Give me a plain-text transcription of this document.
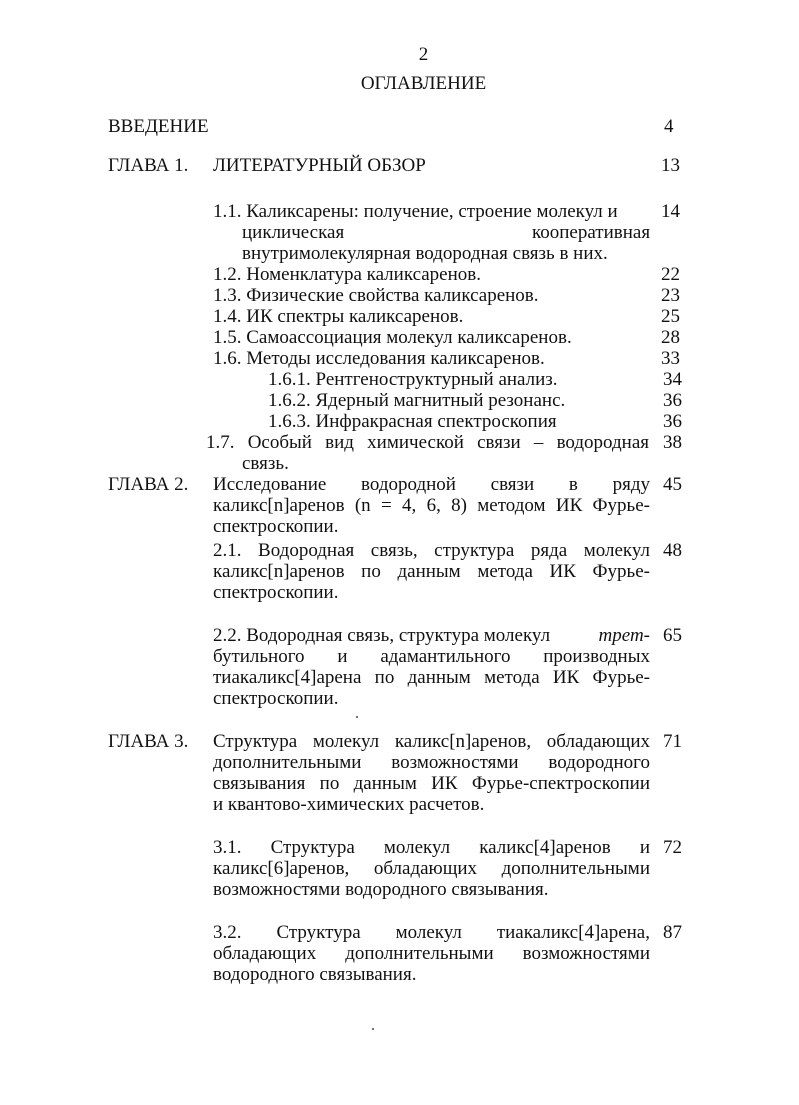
2
ОГЛАВЛЕНИЕ
ВВЕДЕНИЕ	4
ГЛАВА 1. ЛИТЕРАТУРНЫЙ ОБЗОР	13
1.1. Каликсарены: получение, строение молекул и
циклическая	кооперативная
внутримолекулярная водородная связь в них.
14
1.2. Номенклатура каликсаренов.	22
1.3. Физические свойства каликсаренов.	23
1.4. ИК спектры каликсаренов.	25
1.5. Самоассоциация молекул каликсаренов.	28
1.6. Методы исследования каликсаренов.	33
1.6.1. Рентгеноструктурный анализ.	34
1.6.2. Ядерный магнитный резонанс.	36
1.6.3. Инфракрасная спектроскопия	36
1.7. Особый вид химической связи – водородная
связь.
38
ГЛАВА 2. Исследование водородной связи в ряду
каликс[n]аренов (n = 4, 6, 8) методом ИК Фурье-
спектроскопии.
45
2.1. Водородная связь, структура ряда молекул
каликс[n]аренов по данным метода ИК Фурье-
спектроскопии.
48
2.2. Водородная связь, структура молекул	трет-
бутильного и адамантильного производных
тиакаликс[4]арена по данным метода ИК Фурье-
спектроскопии.
65
ГЛАВА 3. Структура молекул каликс[n]аренов, обладающих
дополнительными возможностями водородного
связывания по данным ИК Фурье-спектроскопии
и квантово-химических расчетов.
71
3.1. Структура молекул каликс[4]аренов и
каликс[6]аренов, обладающих дополнительными
возможностями водородного связывания.
72
3.2. Структура молекул тиакаликс[4]арена,
обладающих дополнительными возможностями
водородного связывания.
87
